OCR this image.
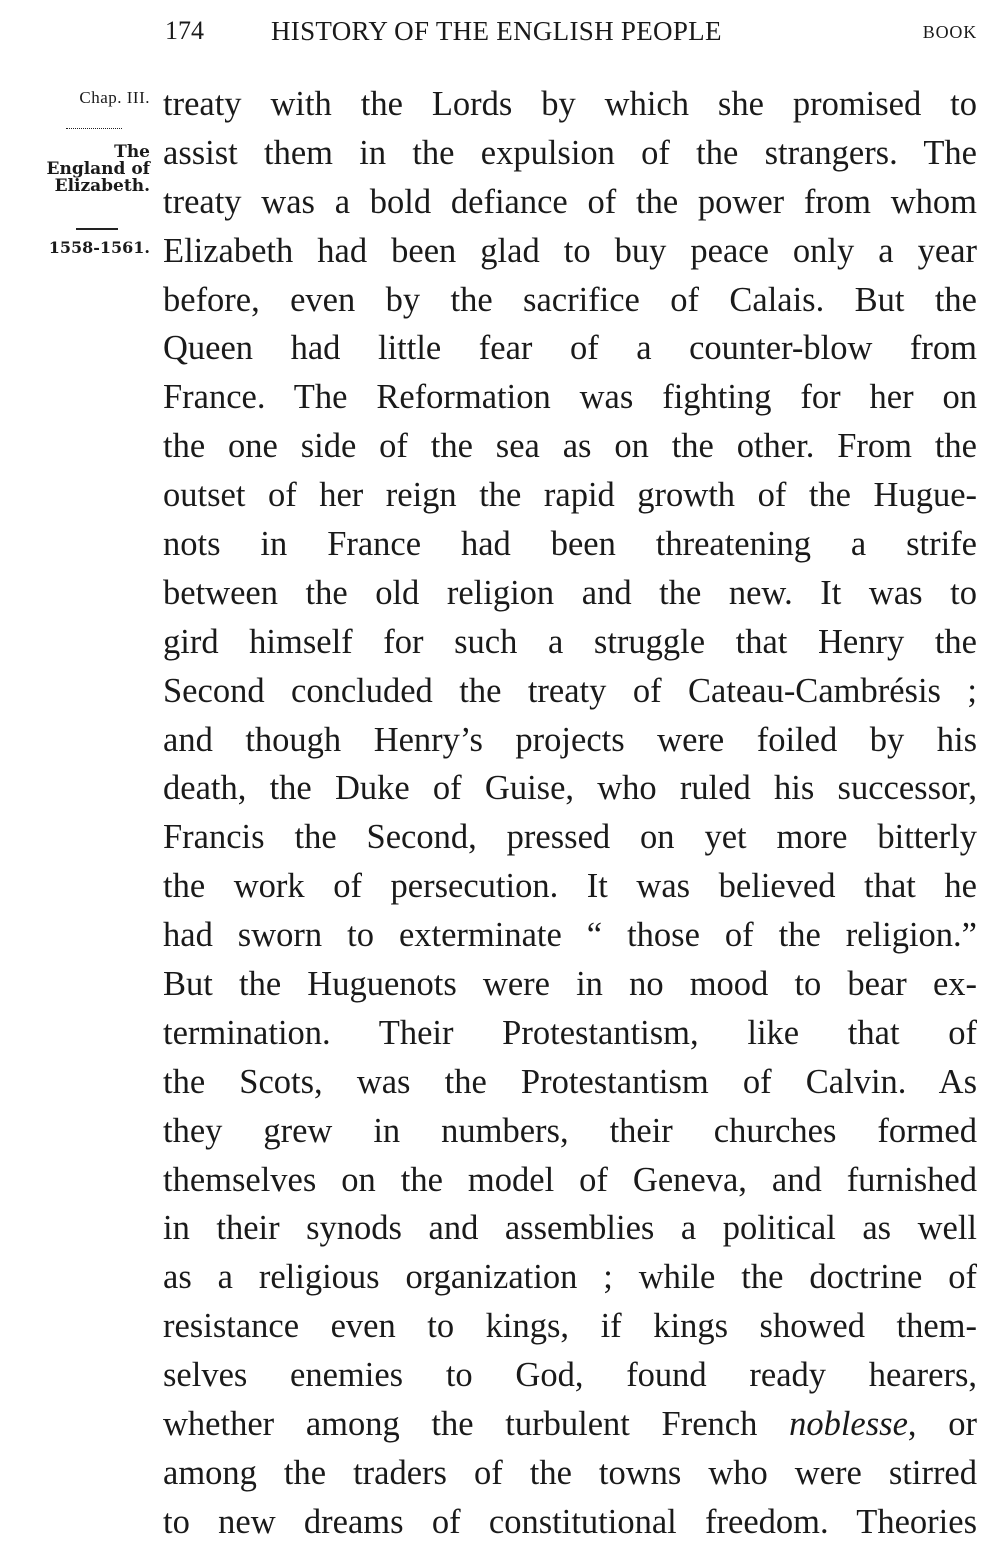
174 HISTORY OF THE ENGLISH PEOPLE	BOOK
Chap. III.
The
England of
Elizabeth.
1558-1561.
treaty with the Lords by which she promised to
assist them in the expulsion of the strangers. The
treaty was a bold defiance of the power from whom
Elizabeth had been glad to buy peace only a year
before, even by the sacrifice of Calais. But the
Queen had little fear of a counter-blow from
France. The Reformation was fighting for her on
the one side of the sea as on the other. From the
outset of her reign the rapid growth of the Hugue-
nots in France had been threatening a strife
between the old religion and the new. It was to
gird himself for such a struggle that Henry the
Second concluded the treaty of Cateau-Cambrésis ;
and though Henry’s projects were foiled by his
death, the Duke of Guise, who ruled his successor,
Francis the Second, pressed on yet more bitterly
the work of persecution. It was believed that he
had sworn to exterminate “ those of the religion.”
But the Huguenots were in no mood to bear ex-
termination. Their Protestantism, like that of
the Scots, was the Protestantism of Calvin. As
they grew in numbers, their churches formed
themselves on the model of Geneva, and furnished
in their synods and assemblies a political as well
as a religious organization ; while the doctrine of
resistance even to kings, if kings showed them-
selves enemies to God, found ready hearers,
whether among the turbulent French noblesse, or
among the traders of the towns who were stirred
to new dreams of constitutional freedom. Theories
